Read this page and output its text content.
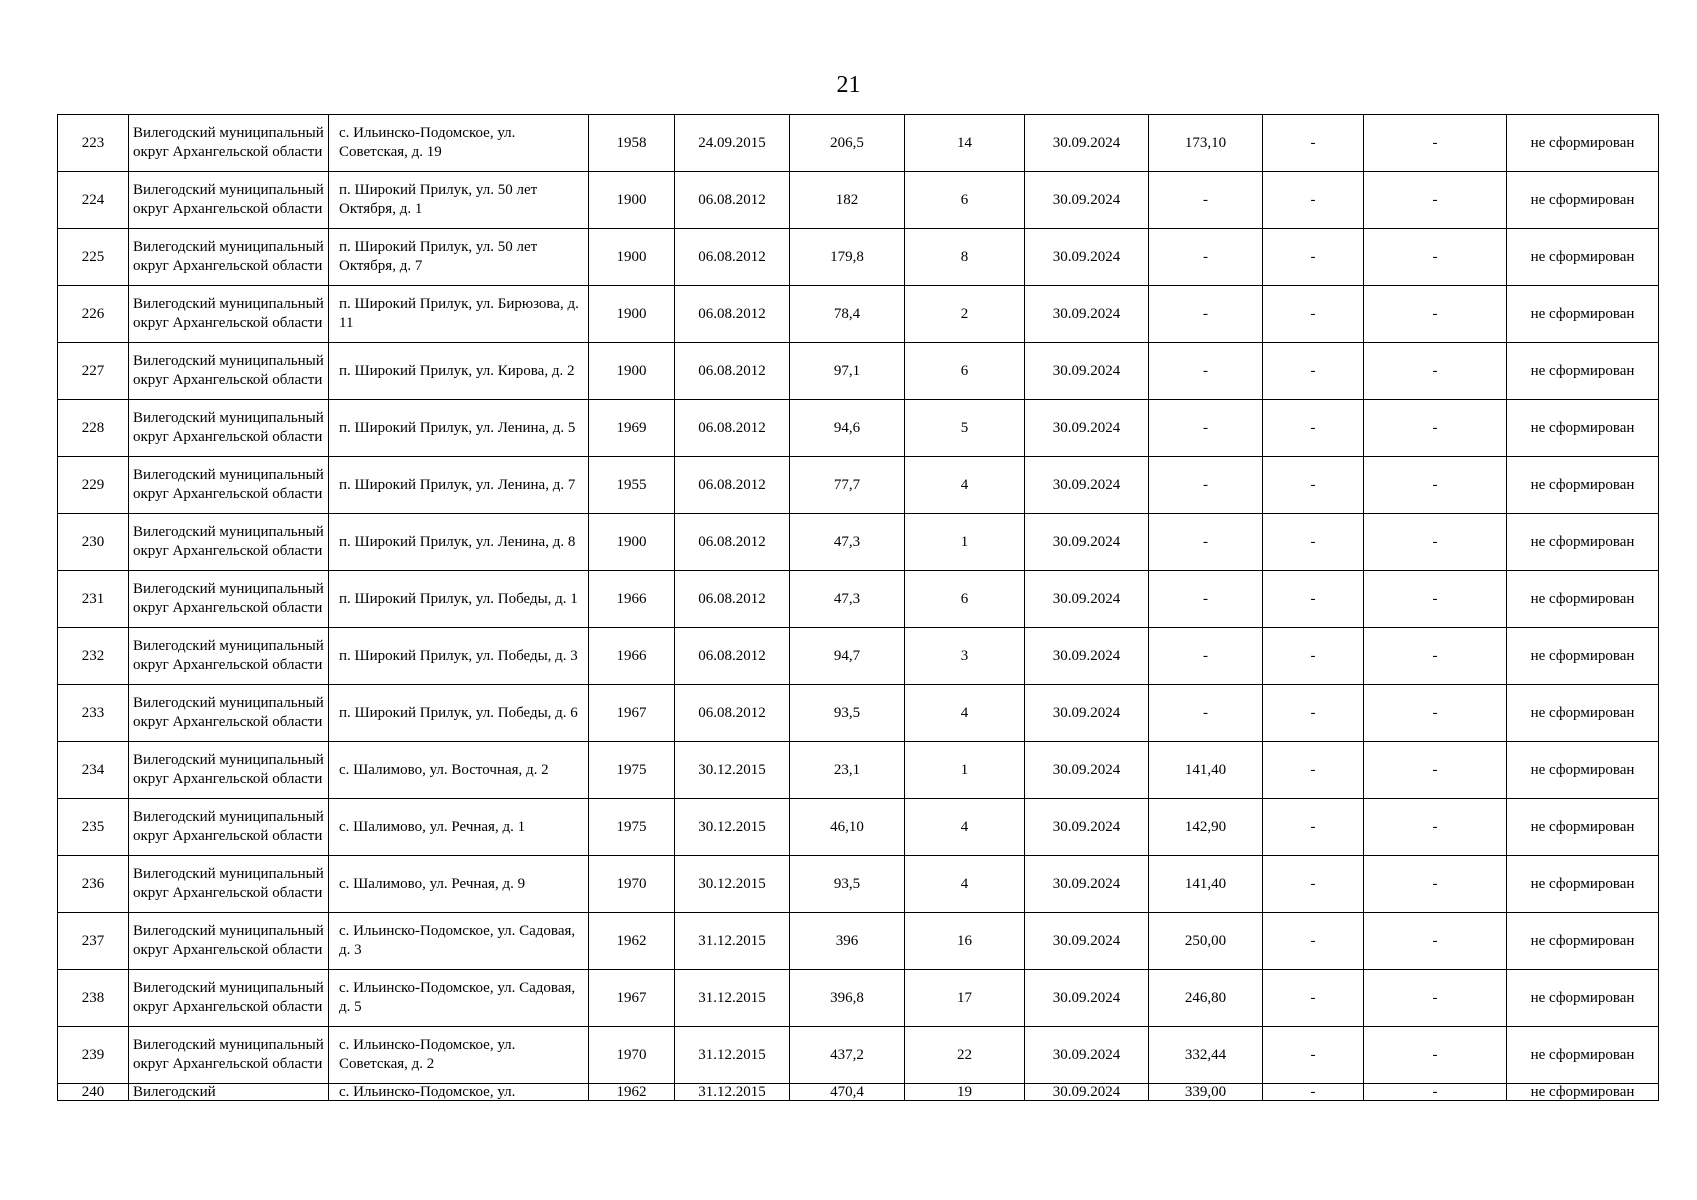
21
223	Вилегодский муниципальный округ Архангельской области	с. Ильинско-Подомское, ул. Советская, д. 19	1958	24.09.2015	206,5	14	30.09.2024	173,10	-	-	не сформирован
224	Вилегодский муниципальный округ Архангельской области	п. Широкий Прилук, ул. 50 лет Октября, д. 1	1900	06.08.2012	182	6	30.09.2024	-	-	-	не сформирован
225	Вилегодский муниципальный округ Архангельской области	п. Широкий Прилук, ул. 50 лет Октября, д. 7	1900	06.08.2012	179,8	8	30.09.2024	-	-	-	не сформирован
226	Вилегодский муниципальный округ Архангельской области	п. Широкий Прилук, ул. Бирюзова, д. 11	1900	06.08.2012	78,4	2	30.09.2024	-	-	-	не сформирован
227	Вилегодский муниципальный округ Архангельской области	п. Широкий Прилук, ул. Кирова, д. 2	1900	06.08.2012	97,1	6	30.09.2024	-	-	-	не сформирован
228	Вилегодский муниципальный округ Архангельской области	п. Широкий Прилук, ул. Ленина, д. 5	1969	06.08.2012	94,6	5	30.09.2024	-	-	-	не сформирован
229	Вилегодский муниципальный округ Архангельской области	п. Широкий Прилук, ул. Ленина, д. 7	1955	06.08.2012	77,7	4	30.09.2024	-	-	-	не сформирован
230	Вилегодский муниципальный округ Архангельской области	п. Широкий Прилук, ул. Ленина, д. 8	1900	06.08.2012	47,3	1	30.09.2024	-	-	-	не сформирован
231	Вилегодский муниципальный округ Архангельской области	п. Широкий Прилук, ул. Победы, д. 1	1966	06.08.2012	47,3	6	30.09.2024	-	-	-	не сформирован
232	Вилегодский муниципальный округ Архангельской области	п. Широкий Прилук, ул. Победы, д. 3	1966	06.08.2012	94,7	3	30.09.2024	-	-	-	не сформирован
233	Вилегодский муниципальный округ Архангельской области	п. Широкий Прилук, ул. Победы, д. 6	1967	06.08.2012	93,5	4	30.09.2024	-	-	-	не сформирован
234	Вилегодский муниципальный округ Архангельской области	с. Шалимово, ул. Восточная, д. 2	1975	30.12.2015	23,1	1	30.09.2024	141,40	-	-	не сформирован
235	Вилегодский муниципальный округ Архангельской области	с. Шалимово, ул. Речная, д. 1	1975	30.12.2015	46,10	4	30.09.2024	142,90	-	-	не сформирован
236	Вилегодский муниципальный округ Архангельской области	с. Шалимово, ул. Речная, д. 9	1970	30.12.2015	93,5	4	30.09.2024	141,40	-	-	не сформирован
237	Вилегодский муниципальный округ Архангельской области	с. Ильинско-Подомское, ул. Садовая, д. 3	1962	31.12.2015	396	16	30.09.2024	250,00	-	-	не сформирован
238	Вилегодский муниципальный округ Архангельской области	с. Ильинско-Подомское, ул. Садовая, д. 5	1967	31.12.2015	396,8	17	30.09.2024	246,80	-	-	не сформирован
239	Вилегодский муниципальный округ Архангельской области	с. Ильинско-Подомское, ул. Советская, д. 2	1970	31.12.2015	437,2	22	30.09.2024	332,44	-	-	не сформирован
240	Вилегодский	с. Ильинско-Подомское, ул.	1962	31.12.2015	470,4	19	30.09.2024	339,00	-	-	не сформирован
